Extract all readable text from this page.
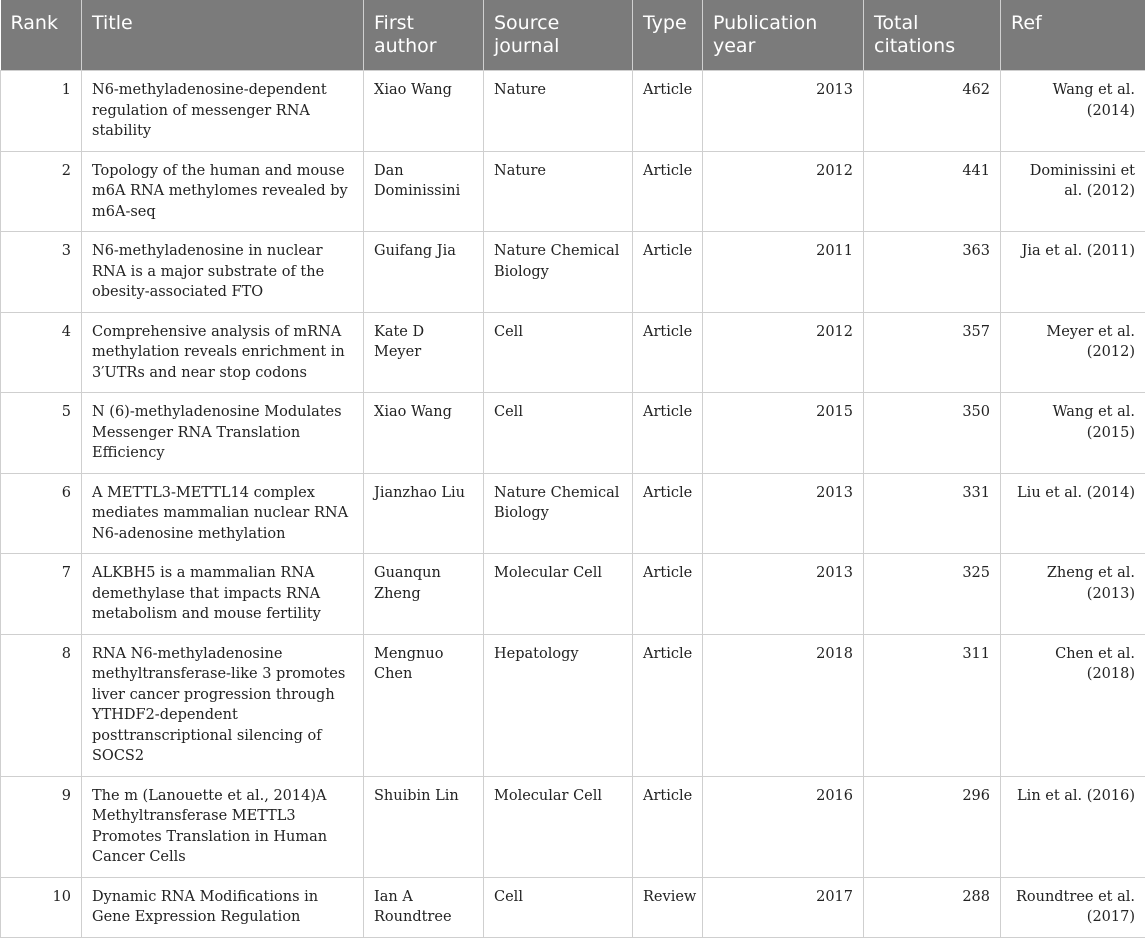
Rank	Title	First author	Source journal	Type	Publication year	Total citations	Ref
1	N6-methyladenosine-dependent regulation of messenger RNA stability	Xiao Wang	Nature	Article	2013	462	Wang et al. (2014)
2	Topology of the human and mouse m6A RNA methylomes revealed by m6A-seq	Dan Dominissini	Nature	Article	2012	441	Dominissini et al. (2012)
3	N6-methyladenosine in nuclear RNA is a major substrate of the obesity-associated FTO	Guifang Jia	Nature Chemical Biology	Article	2011	363	Jia et al. (2011)
4	Comprehensive analysis of mRNA methylation reveals enrichment in 3′UTRs and near stop codons	Kate D Meyer	Cell	Article	2012	357	Meyer et al. (2012)
5	N (6)-methyladenosine Modulates Messenger RNA Translation Efficiency	Xiao Wang	Cell	Article	2015	350	Wang et al. (2015)
6	A METTL3-METTL14 complex mediates mammalian nuclear RNA N6-adenosine methylation	Jianzhao Liu	Nature Chemical Biology	Article	2013	331	Liu et al. (2014)
7	ALKBH5 is a mammalian RNA demethylase that impacts RNA metabolism and mouse fertility	Guanqun Zheng	Molecular Cell	Article	2013	325	Zheng et al. (2013)
8	RNA N6-methyladenosine methyltransferase-like 3 promotes liver cancer progression through YTHDF2-dependent posttranscriptional silencing of SOCS2	Mengnuo Chen	Hepatology	Article	2018	311	Chen et al. (2018)
9	The m (Lanouette et al., 2014)A Methyltransferase METTL3 Promotes Translation in Human Cancer Cells	Shuibin Lin	Molecular Cell	Article	2016	296	Lin et al. (2016)
10	Dynamic RNA Modifications in Gene Expression Regulation	Ian A Roundtree	Cell	Review	2017	288	Roundtree et al. (2017)
